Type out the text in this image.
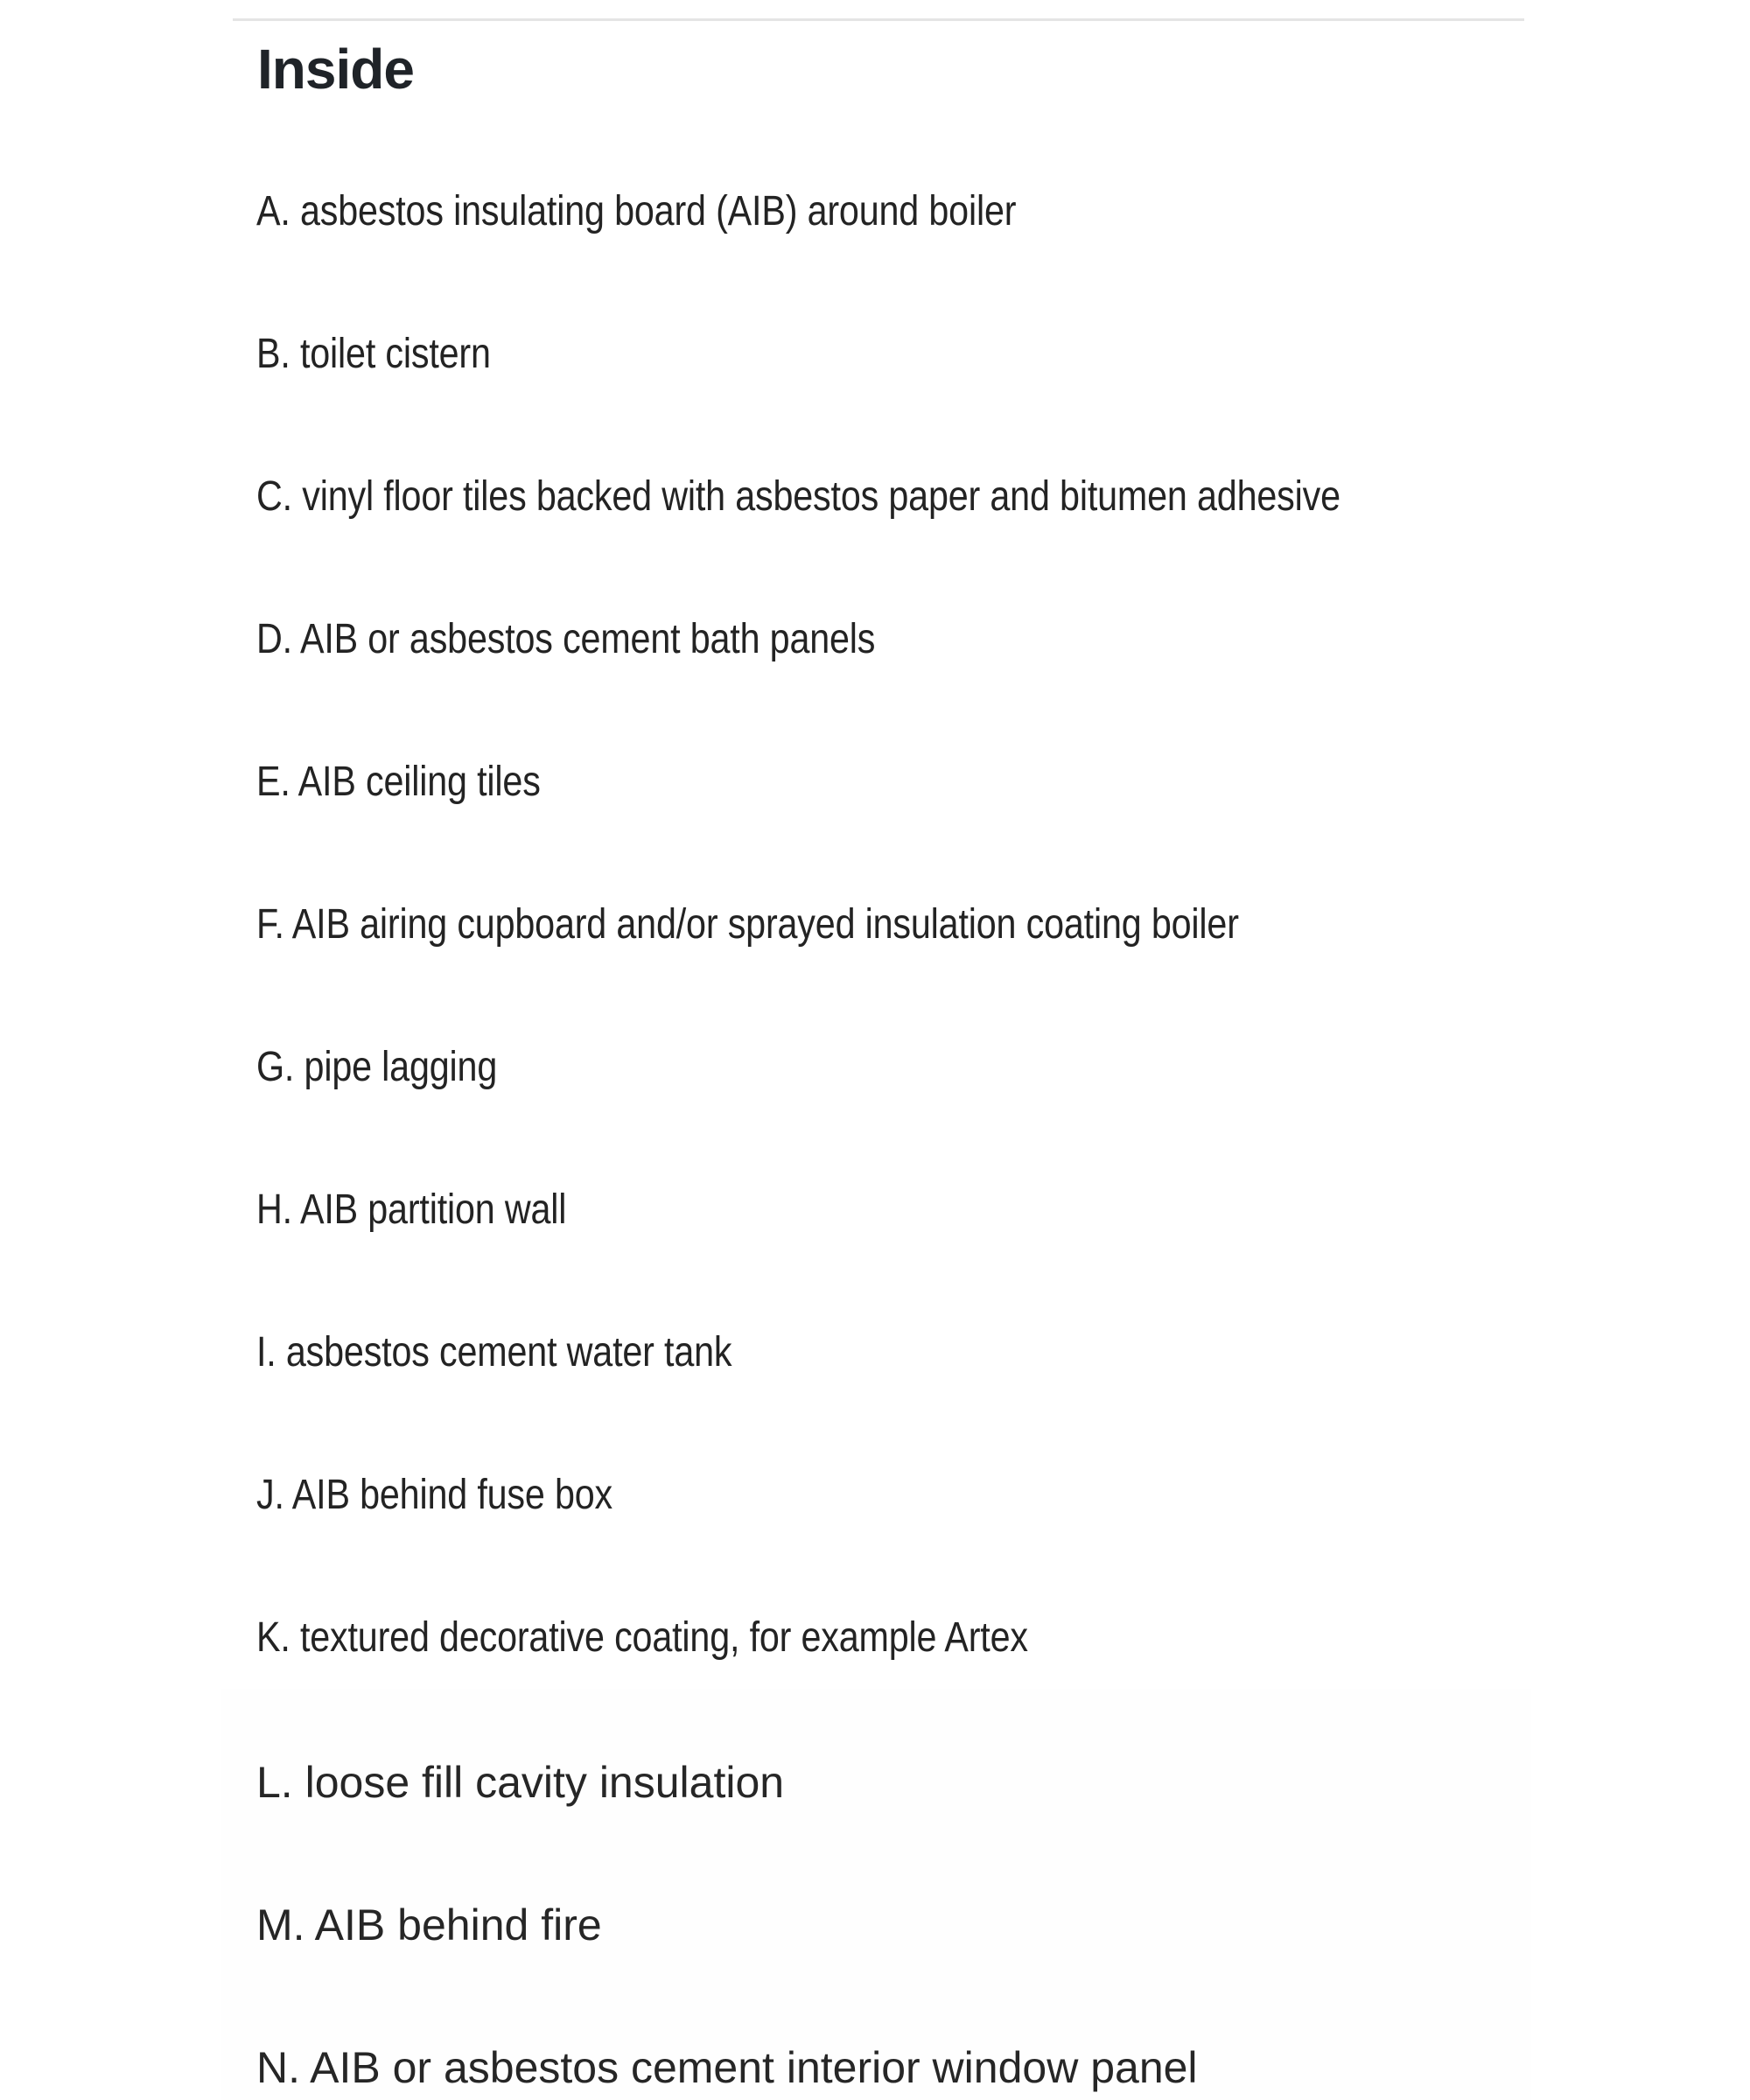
Inside
A. asbestos insulating board (AIB) around boiler
B. toilet cistern
C. vinyl floor tiles backed with asbestos paper and bitumen adhesive
D. AIB or asbestos cement bath panels
E. AIB ceiling tiles
F. AIB airing cupboard and/or sprayed insulation coating boiler
G. pipe lagging
H. AIB partition wall
I. asbestos cement water tank
J. AIB behind fuse box
K. textured decorative coating, for example Artex
L. loose fill cavity insulation
M. AIB behind fire
N. AIB or asbestos cement interior window panel
